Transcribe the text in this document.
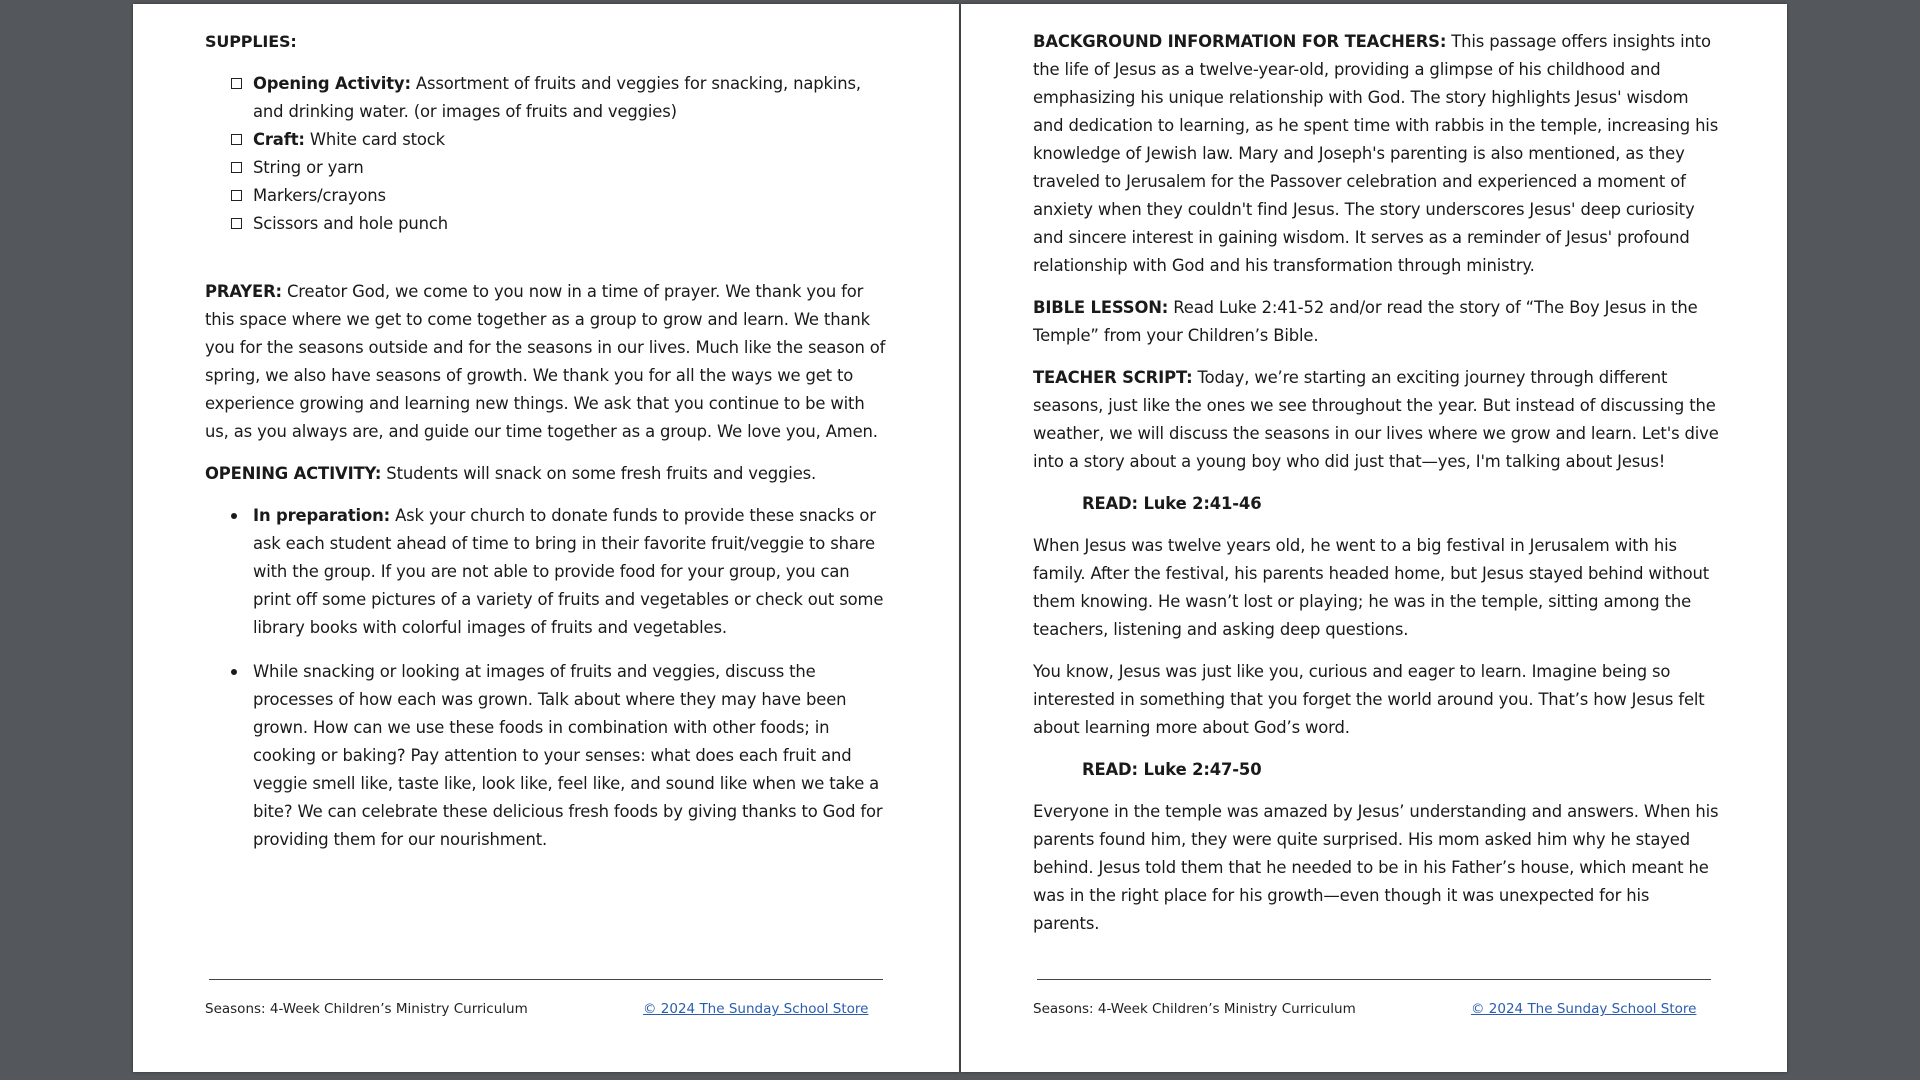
SUPPLIES:
Opening Activity: Assortment of fruits and veggies for snacking, napkins, and drinking water. (or images of fruits and veggies)
Craft: White card stock
String or yarn
Markers/crayons
Scissors and hole punch

PRAYER: Creator God, we come to you now in a time of prayer. We thank you for this space where we get to come together as a group to grow and learn. We thank you for the seasons outside and for the seasons in our lives. Much like the season of spring, we also have seasons of growth. We thank you for all the ways we get to experience growing and learning new things. We ask that you continue to be with us, as you always are, and guide our time together as a group. We love you, Amen.

OPENING ACTIVITY: Students will snack on some fresh fruits and veggies.

In preparation: Ask your church to donate funds to provide these snacks or ask each student ahead of time to bring in their favorite fruit/veggie to share with the group. If you are not able to provide food for your group, you can print off some pictures of a variety of fruits and vegetables or check out some library books with colorful images of fruits and vegetables.
While snacking or looking at images of fruits and veggies, discuss the processes of how each was grown. Talk about where they may have been grown. How can we use these foods in combination with other foods; in cooking or baking? Pay attention to your senses: what does each fruit and veggie smell like, taste like, look like, feel like, and sound like when we take a bite? We can celebrate these delicious fresh foods by giving thanks to God for providing them for our nourishment.
Seasons: 4-Week Children’s Ministry Curriculum	© 2024 The Sunday School Store

BACKGROUND INFORMATION FOR TEACHERS: This passage offers insights into the life of Jesus as a twelve-year-old, providing a glimpse of his childhood and emphasizing his unique relationship with God. The story highlights Jesus' wisdom and dedication to learning, as he spent time with rabbis in the temple, increasing his knowledge of Jewish law. Mary and Joseph's parenting is also mentioned, as they traveled to Jerusalem for the Passover celebration and experienced a moment of anxiety when they couldn't find Jesus. The story underscores Jesus' deep curiosity and sincere interest in gaining wisdom. It serves as a reminder of Jesus' profound relationship with God and his transformation through ministry.

BIBLE LESSON: Read Luke 2:41-52 and/or read the story of “The Boy Jesus in the Temple” from your Children’s Bible.

TEACHER SCRIPT: Today, we’re starting an exciting journey through different seasons, just like the ones we see throughout the year. But instead of discussing the weather, we will discuss the seasons in our lives where we grow and learn. Let's dive into a story about a young boy who did just that—yes, I'm talking about Jesus!

READ: Luke 2:41-46

When Jesus was twelve years old, he went to a big festival in Jerusalem with his family. After the festival, his parents headed home, but Jesus stayed behind without them knowing. He wasn’t lost or playing; he was in the temple, sitting among the teachers, listening and asking deep questions.

You know, Jesus was just like you, curious and eager to learn. Imagine being so interested in something that you forget the world around you. That’s how Jesus felt about learning more about God’s word.

READ: Luke 2:47-50

Everyone in the temple was amazed by Jesus’ understanding and answers. When his parents found him, they were quite surprised. His mom asked him why he stayed behind. Jesus told them that he needed to be in his Father’s house, which meant he was in the right place for his growth—even though it was unexpected for his parents.

Seasons: 4-Week Children’s Ministry Curriculum	© 2024 The Sunday School Store
